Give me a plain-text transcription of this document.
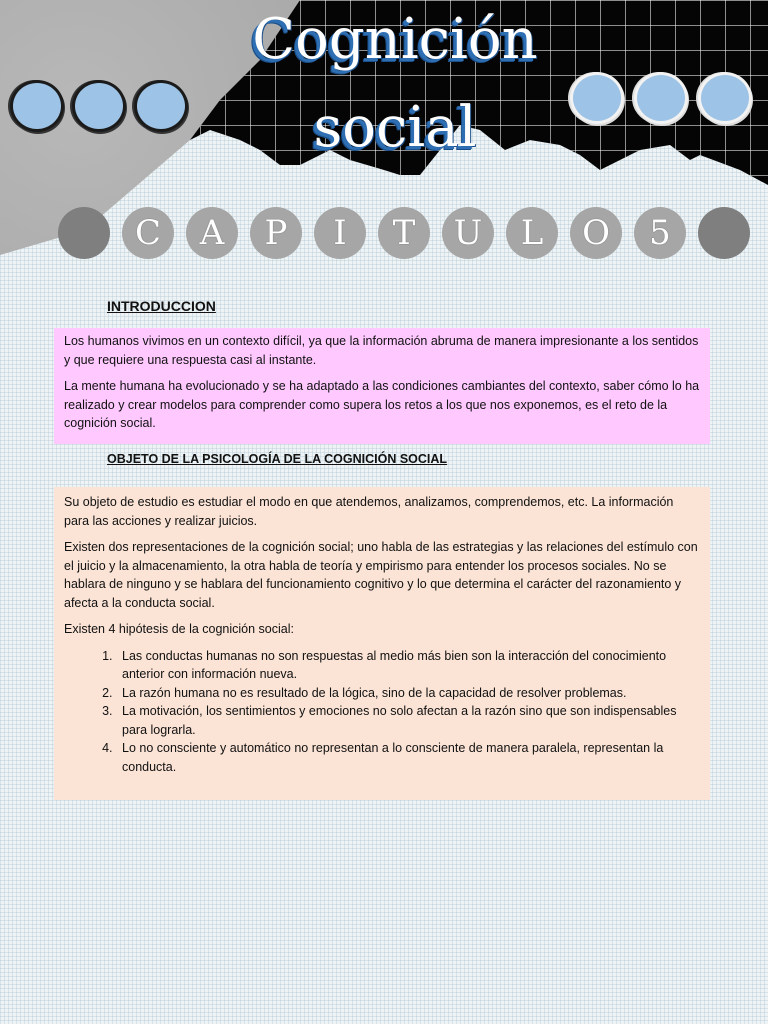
Cognición
social
C	A	P	I	T	U	L	O	5
INTRODUCCION

Los humanos vivimos en un contexto difícil, ya que la información abruma de manera impresionante a los sentidos y que requiere una respuesta casi al instante.

La mente humana ha evolucionado y se ha adaptado a las condiciones cambiantes del contexto, saber cómo lo ha realizado y crear modelos para comprender como supera los retos a los que nos exponemos, es el reto de la cognición social.

OBJETO DE LA PSICOLOGÍA DE LA COGNICIÓN SOCIAL

Su objeto de estudio es estudiar el modo en que atendemos, analizamos, comprendemos, etc. La información para las acciones y realizar juicios.

Existen dos representaciones de la cognición social; uno habla de las estrategias y las relaciones del estímulo con el juicio y la almacenamiento, la otra habla de teoría y empirismo para entender los procesos sociales. No se hablara de ninguno y se hablara del funcionamiento cognitivo y lo que determina el carácter del razonamiento y afecta a la conducta social.

Existen 4 hipótesis de la cognición social:

1. Las conductas humanas no son respuestas al medio más bien son la interacción del conocimiento anterior con información nueva.
2. La razón humana no es resultado de la lógica, sino de la capacidad de resolver problemas.
3. La motivación, los sentimientos y emociones no solo afectan a la razón sino que son indispensables para lograrla.
4. Lo no consciente y automático no representan a lo consciente de manera paralela, representan la conducta.
